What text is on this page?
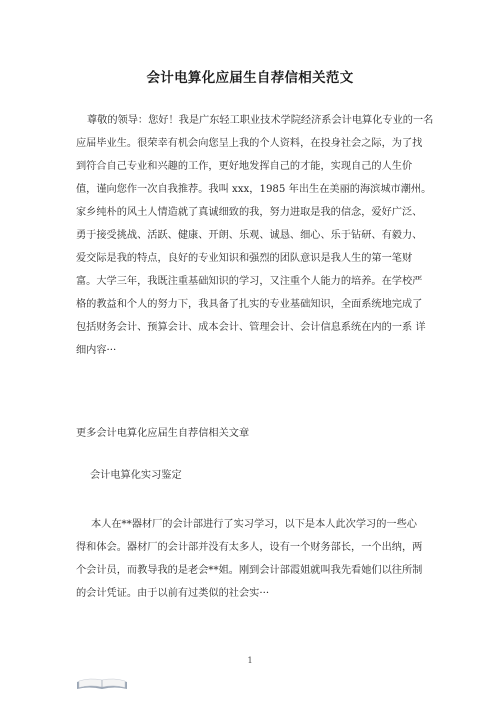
会计电算化应届生自荐信相关范文
尊敬的领导：您好！我是广东轻工职业技术学院经济系会计电算化专业的一名
应届毕业生。很荣幸有机会向您呈上我的个人资料，在投身社会之际，为了找
到符合自己专业和兴趣的工作，更好地发挥自己的才能，实现自己的人生价
值，谨向您作一次自我推荐。我叫 xxx，1985 年出生在美丽的海滨城市潮州。
家乡纯朴的风土人情造就了真诚细致的我，努力进取是我的信念，爱好广泛、
勇于接受挑战、活跃、健康、开朗、乐观、诚恳、细心、乐于钻研、有毅力、
爱交际是我的特点，良好的专业知识和强烈的团队意识是我人生的第一笔财
富。大学三年，我既注重基础知识的学习，又注重个人能力的培养。在学校严
格的教益和个人的努力下，我具备了扎实的专业基础知识，全面系统地完成了
包括财务会计、预算会计、成本会计、管理会计、会计信息系统在内的一系 详
细内容···
更多会计电算化应届生自荐信相关文章
会计电算化实习鉴定
本人在**器材厂的会计部进行了实习学习，以下是本人此次学习的一些心
得和体会。器材厂的会计部并没有太多人，设有一个财务部长，一个出纳，两
个会计员，而教导我的是老会**姐。刚到会计部霞姐就叫我先看她们以往所制
的会计凭证。由于以前有过类似的社会实···
1
